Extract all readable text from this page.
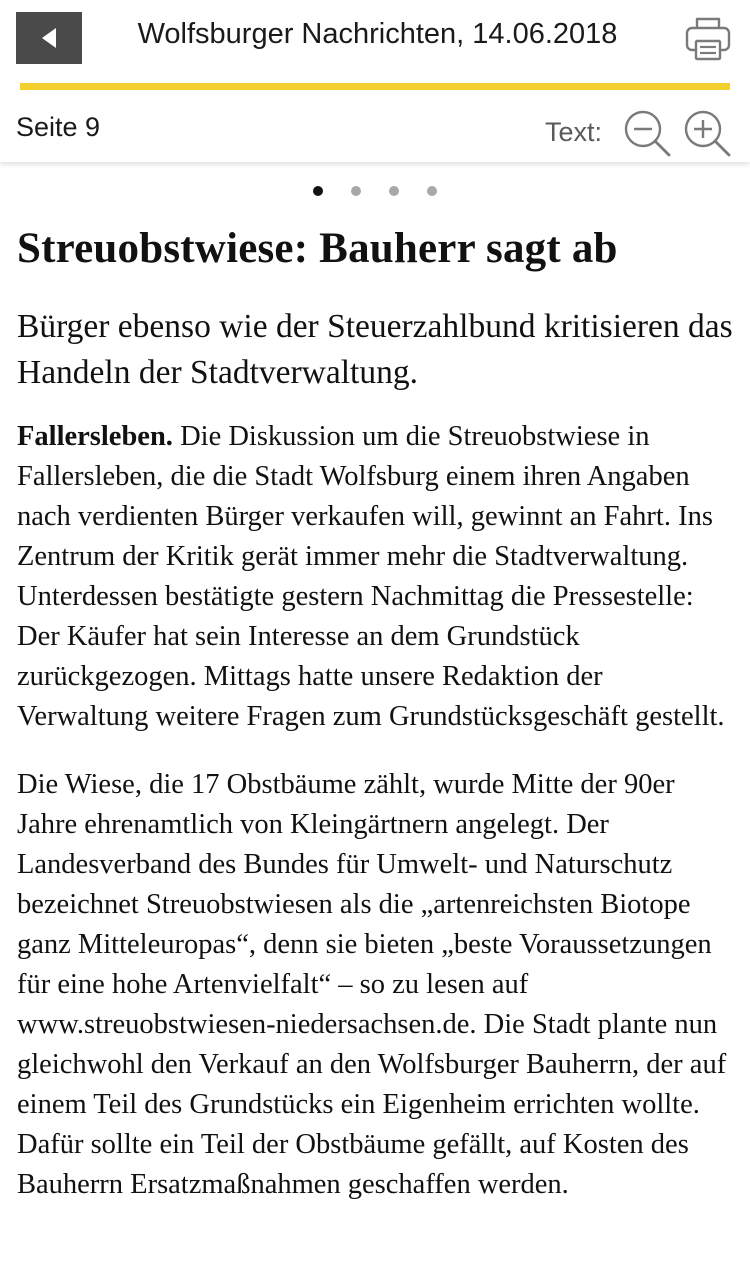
Wolfsburger Nachrichten, 14.06.2018
Seite 9	Text:
Streuobstwiese: Bauherr sagt ab

Bürger ebenso wie der Steuerzahlbund kritisieren das Handeln der Stadtverwaltung.

Fallersleben. Die Diskussion um die Streuobstwiese in Fallersleben, die die Stadt Wolfsburg einem ihren Angaben nach verdienten Bürger verkaufen will, gewinnt an Fahrt. Ins Zentrum der Kritik gerät immer mehr die Stadtverwaltung. Unterdessen bestätigte gestern Nachmittag die Pressestelle: Der Käufer hat sein Interesse an dem Grundstück zurückgezogen. Mittags hatte unsere Redaktion der Verwaltung weitere Fragen zum Grundstücksgeschäft gestellt.

Die Wiese, die 17 Obstbäume zählt, wurde Mitte der 90er Jahre ehrenamtlich von Kleingärtnern angelegt. Der Landesverband des Bundes für Umwelt- und Naturschutz bezeichnet Streuobstwiesen als die „artenreichsten Biotope ganz Mitteleuropas“, denn sie bieten „beste Voraussetzungen für eine hohe Artenvielfalt“ – so zu lesen auf www.streuobstwiesen-niedersachsen.de. Die Stadt plante nun gleichwohl den Verkauf an den Wolfsburger Bauherrn, der auf einem Teil des Grundstücks ein Eigenheim errichten wollte. Dafür sollte ein Teil der Obstbäume gefällt, auf Kosten des Bauherrn Ersatzmaßnahmen geschaffen werden.
